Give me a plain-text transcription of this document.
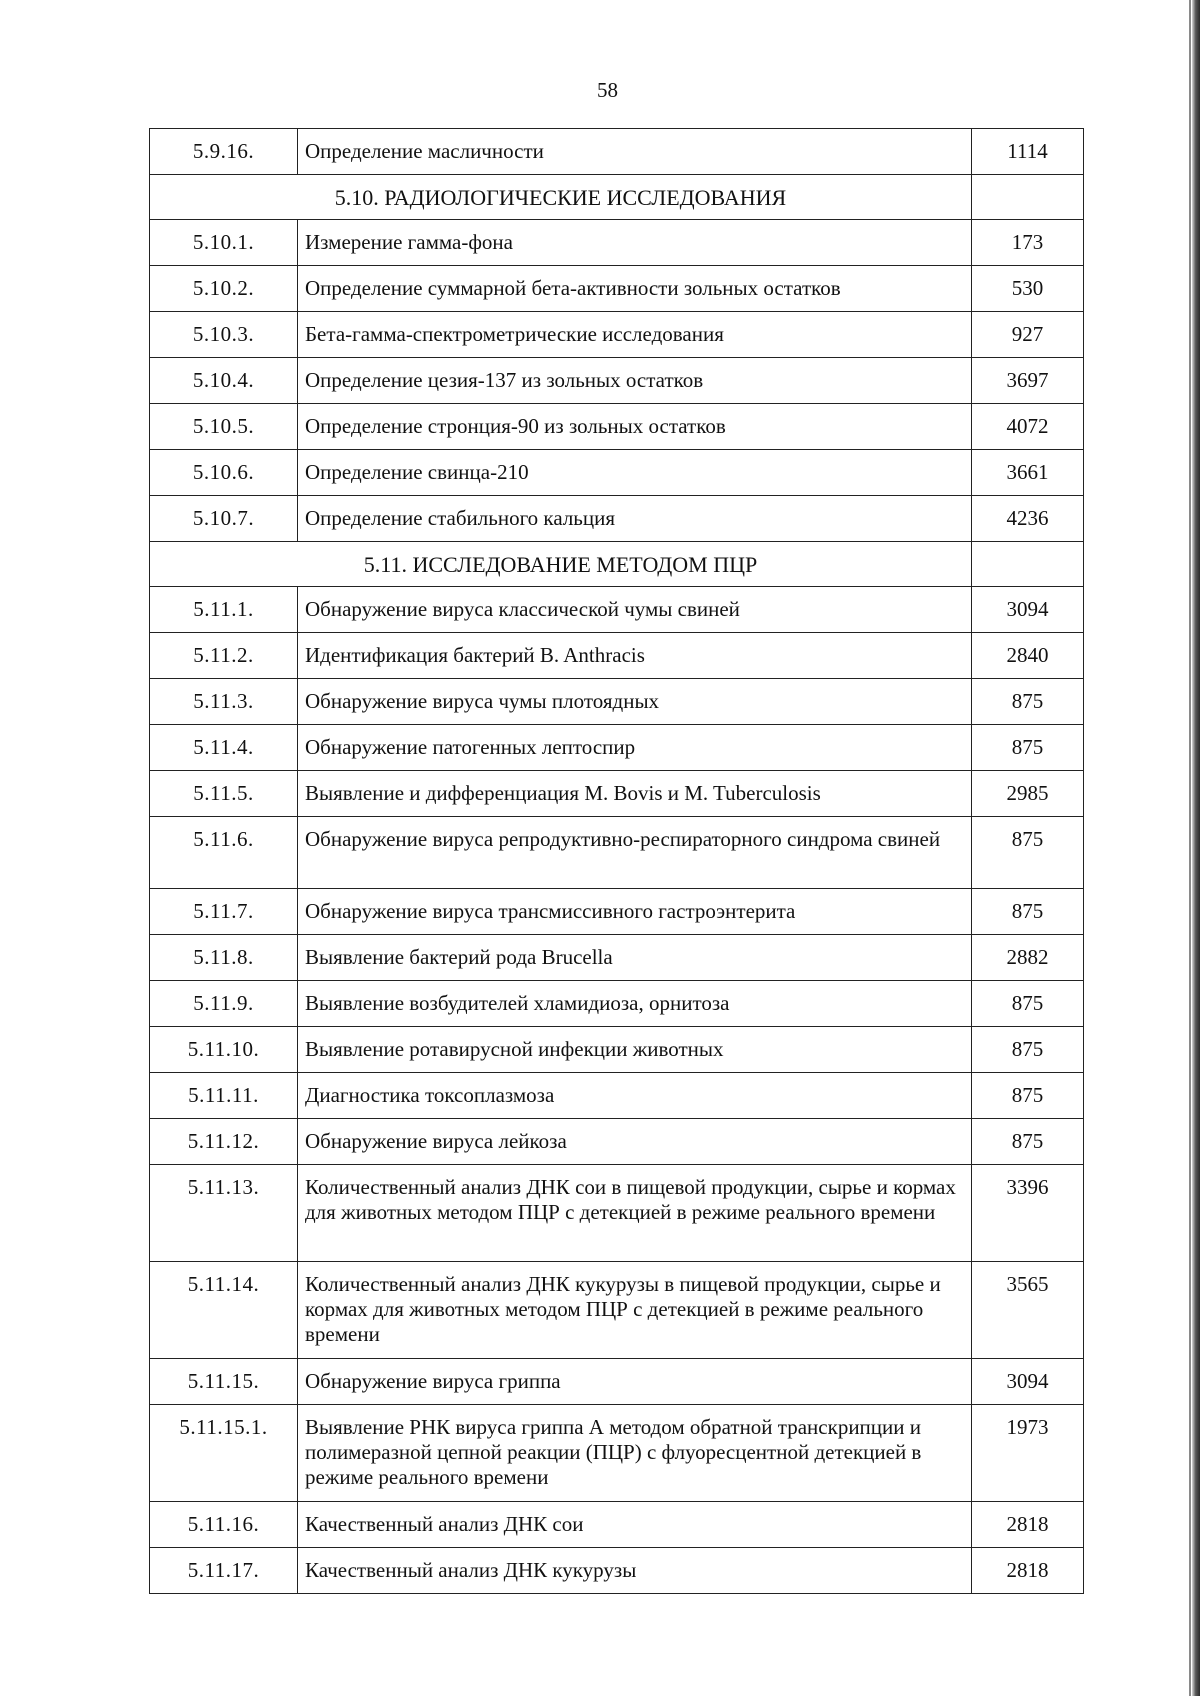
58
5.9.16.	Определение масличности	1114
5.10. РАДИОЛОГИЧЕСКИЕ ИССЛЕДОВАНИЯ		
5.10.1.	Измерение гамма-фона	173
5.10.2.	Определение суммарной бета-активности зольных остатков	530
5.10.3.	Бета-гамма-спектрометрические исследования	927
5.10.4.	Определение цезия-137 из зольных остатков	3697
5.10.5.	Определение стронция-90 из зольных остатков	4072
5.10.6.	Определение свинца-210	3661
5.10.7.	Определение стабильного кальция	4236
5.11. ИССЛЕДОВАНИЕ МЕТОДОМ ПЦР		
5.11.1.	Обнаружение вируса классической чумы свиней	3094
5.11.2.	Идентификация бактерий B. Anthracis	2840
5.11.3.	Обнаружение вируса чумы плотоядных	875
5.11.4.	Обнаружение патогенных лептоспир	875
5.11.5.	Выявление и дифференциация M. Bovis и M. Tuberculosis	2985
5.11.6.	Обнаружение вируса репродуктивно-респираторного синдрома свиней	875
5.11.7.	Обнаружение вируса трансмиссивного гастроэнтерита	875
5.11.8.	Выявление бактерий рода Brucella	2882
5.11.9.	Выявление возбудителей хламидиоза, орнитоза	875
5.11.10.	Выявление ротавирусной инфекции животных	875
5.11.11.	Диагностика токсоплазмоза	875
5.11.12.	Обнаружение вируса лейкоза	875
5.11.13.	Количественный анализ ДНК сои в пищевой продукции, сырье и кормах для животных методом ПЦР с детекцией в режиме реального времени	3396
5.11.14.	Количественный анализ ДНК кукурузы в пищевой продукции, сырье и кормах для животных методом ПЦР с детекцией в режиме реального времени	3565
5.11.15.	Обнаружение вируса гриппа	3094
5.11.15.1.	Выявление РНК вируса гриппа А методом обратной транскрипции и полимеразной цепной реакции (ПЦР) с флуоресцентной детекцией в режиме реального времени	1973
5.11.16.	Качественный анализ ДНК сои	2818
5.11.17.	Качественный анализ ДНК кукурузы	2818
